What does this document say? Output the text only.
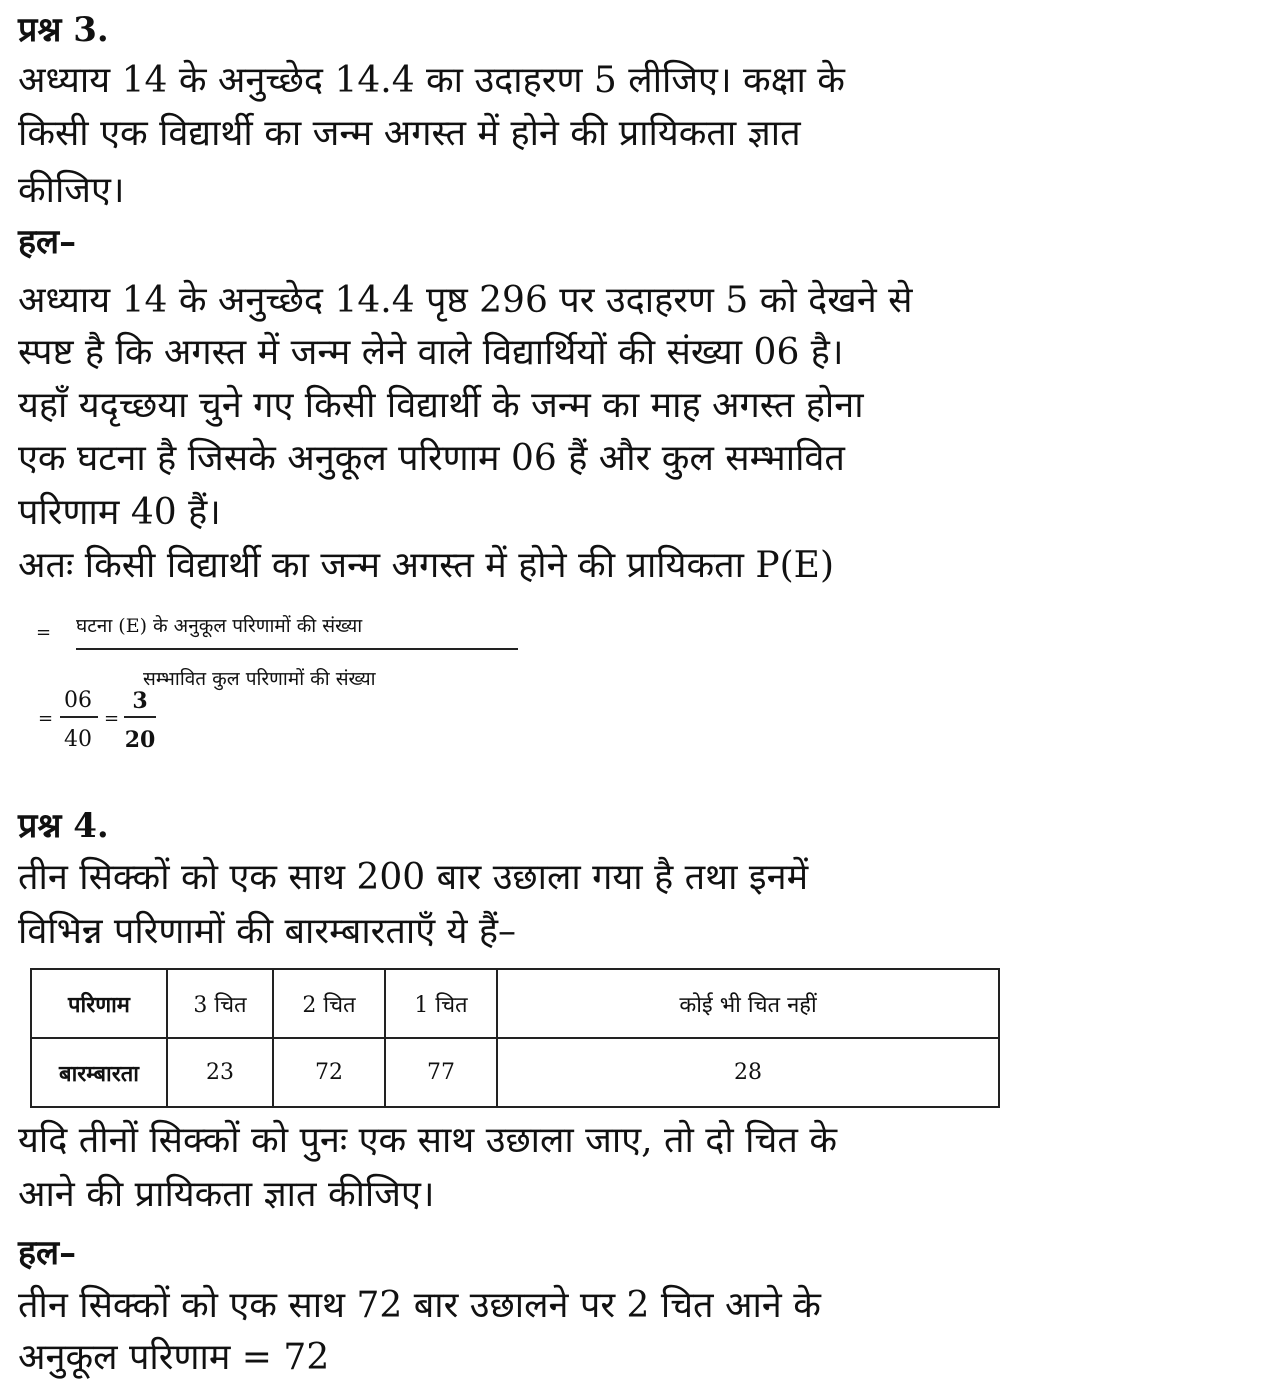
प्रश्न 3.
अध्याय 14 के अनुच्छेद 14.4 का उदाहरण 5 लीजिए। कक्षा के
किसी एक विद्यार्थी का जन्म अगस्त में होने की प्रायिकता ज्ञात
कीजिए।
हल–
अध्याय 14 के अनुच्छेद 14.4 पृष्ठ 296 पर उदाहरण 5 को देखने से
स्पष्ट है कि अगस्त में जन्म लेने वाले विद्यार्थियों की संख्या 06 है।
यहाँ यदृच्छया चुने गए किसी विद्यार्थी के जन्म का माह अगस्त होना
एक घटना है जिसके अनुकूल परिणाम 06 हैं और कुल सम्भावित
परिणाम 40 हैं।
अतः किसी विद्यार्थी का जन्म अगस्त में होने की प्रायिकता P(E)
= घटना (E) के अनुकूल परिणामों की संख्या
सम्भावित कुल परिणामों की संख्या
=
06
40
=
3
20
प्रश्न 4.
तीन सिक्कों को एक साथ 200 बार उछाला गया है तथा इनमें
विभिन्न परिणामों की बारम्बारताएँ ये हैं–
परिणाम	3 चित	2 चित	1 चित	कोई भी चित नहीं
बारम्बारता	23	72	77	28
यदि तीनों सिक्कों को पुनः एक साथ उछाला जाए, तो दो चित के
आने की प्रायिकता ज्ञात कीजिए।
हल–
तीन सिक्कों को एक साथ 72 बार उछालने पर 2 चित आने के
अनुकूल परिणाम = 72
